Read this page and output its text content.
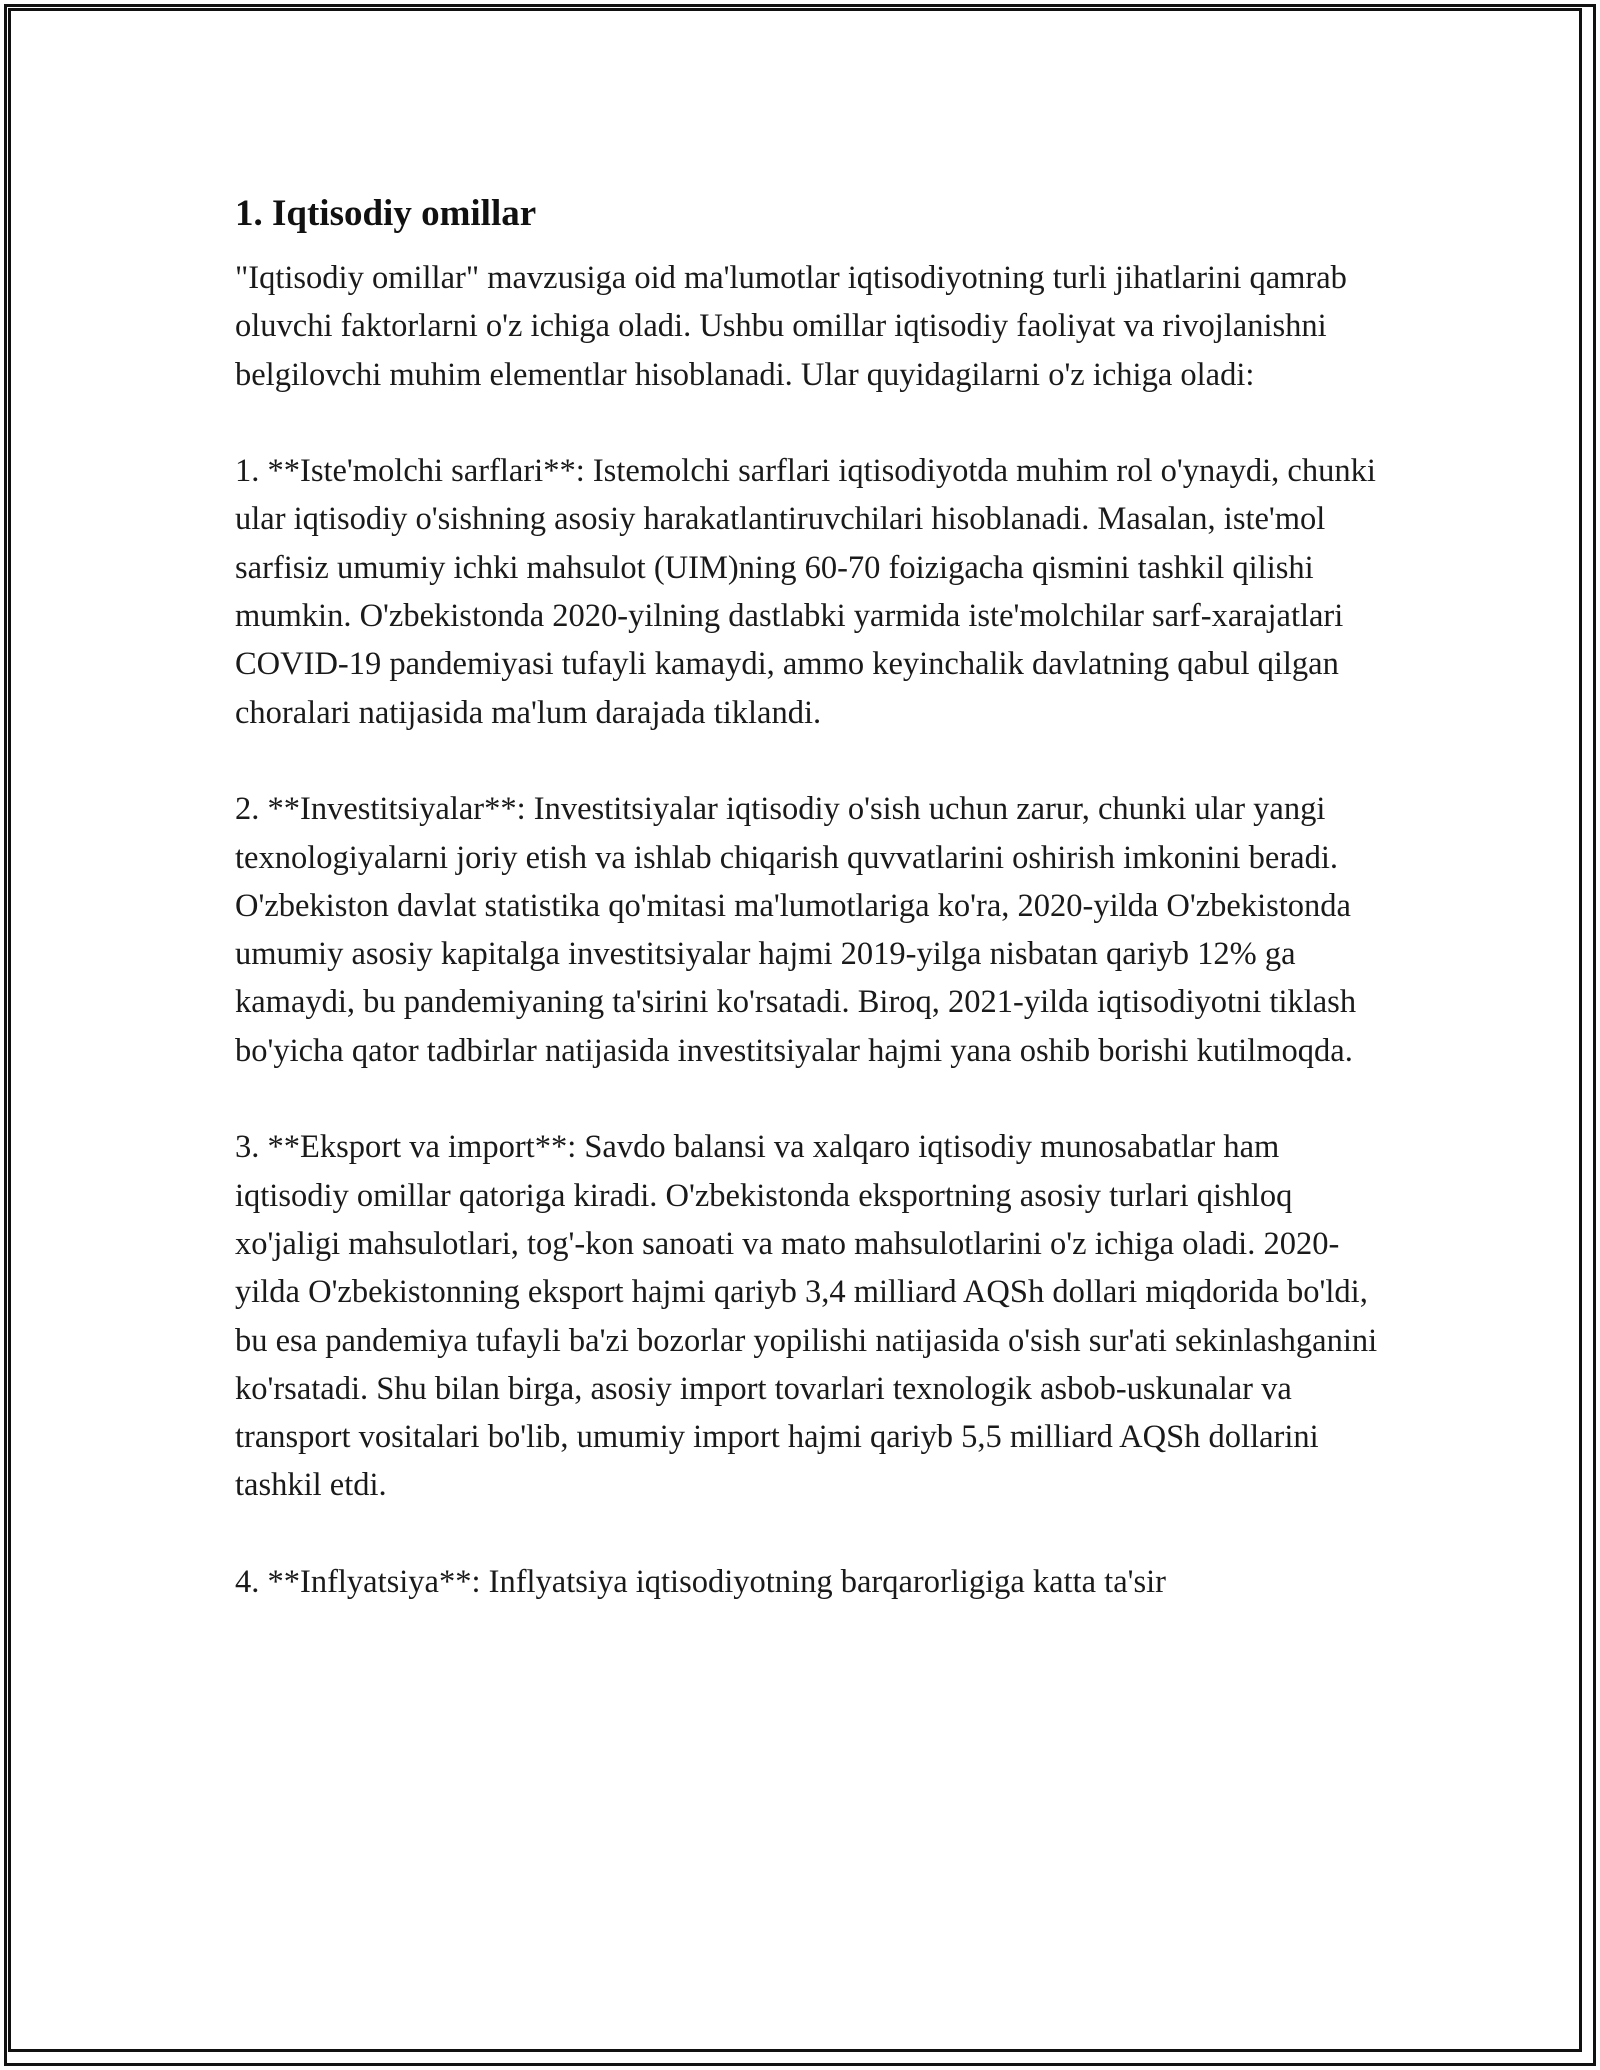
1. Iqtisodiy omillar

"Iqtisodiy omillar" mavzusiga oid ma'lumotlar iqtisodiyotning turli jihatlarini qamrab oluvchi faktorlarni o'z ichiga oladi. Ushbu omillar iqtisodiy faoliyat va rivojlanishni belgilovchi muhim elementlar hisoblanadi. Ular quyidagilarni o'z ichiga oladi:

1. **Iste'molchi sarflari**: Istemolchi sarflari iqtisodiyotda muhim rol o'ynaydi, chunki ular iqtisodiy o'sishning asosiy harakatlantiruvchilari hisoblanadi. Masalan, iste'mol sarfisiz umumiy ichki mahsulot (UIM)ning 60-70 foizigacha qismini tashkil qilishi mumkin. O'zbekistonda 2020-yilning dastlabki yarmida iste'molchilar sarf-xarajatlari COVID-19 pandemiyasi tufayli kamaydi, ammo keyinchalik davlatning qabul qilgan choralari natijasida ma'lum darajada tiklandi.

2. **Investitsiyalar**: Investitsiyalar iqtisodiy o'sish uchun zarur, chunki ular yangi texnologiyalarni joriy etish va ishlab chiqarish quvvatlarini oshirish imkonini beradi. O'zbekiston davlat statistika qo'mitasi ma'lumotlariga ko'ra, 2020-yilda O'zbekistonda umumiy asosiy kapitalga investitsiyalar hajmi 2019-yilga nisbatan qariyb 12% ga kamaydi, bu pandemiyaning ta'sirini ko'rsatadi. Biroq, 2021-yilda iqtisodiyotni tiklash bo'yicha qator tadbirlar natijasida investitsiyalar hajmi yana oshib borishi kutilmoqda.

3. **Eksport va import**: Savdo balansi va xalqaro iqtisodiy munosabatlar ham iqtisodiy omillar qatoriga kiradi. O'zbekistonda eksportning asosiy turlari qishloq xo'jaligi mahsulotlari, tog'-kon sanoati va mato mahsulotlarini o'z ichiga oladi. 2020-yilda O'zbekistonning eksport hajmi qariyb 3,4 milliard AQSh dollari miqdorida bo'ldi, bu esa pandemiya tufayli ba'zi bozorlar yopilishi natijasida o'sish sur'ati sekinlashganini ko'rsatadi. Shu bilan birga, asosiy import tovarlari texnologik asbob-uskunalar va transport vositalari bo'lib, umumiy import hajmi qariyb 5,5 milliard AQSh dollarini tashkil etdi.

4. **Inflyatsiya**: Inflyatsiya iqtisodiyotning barqarorligiga katta ta'sir
